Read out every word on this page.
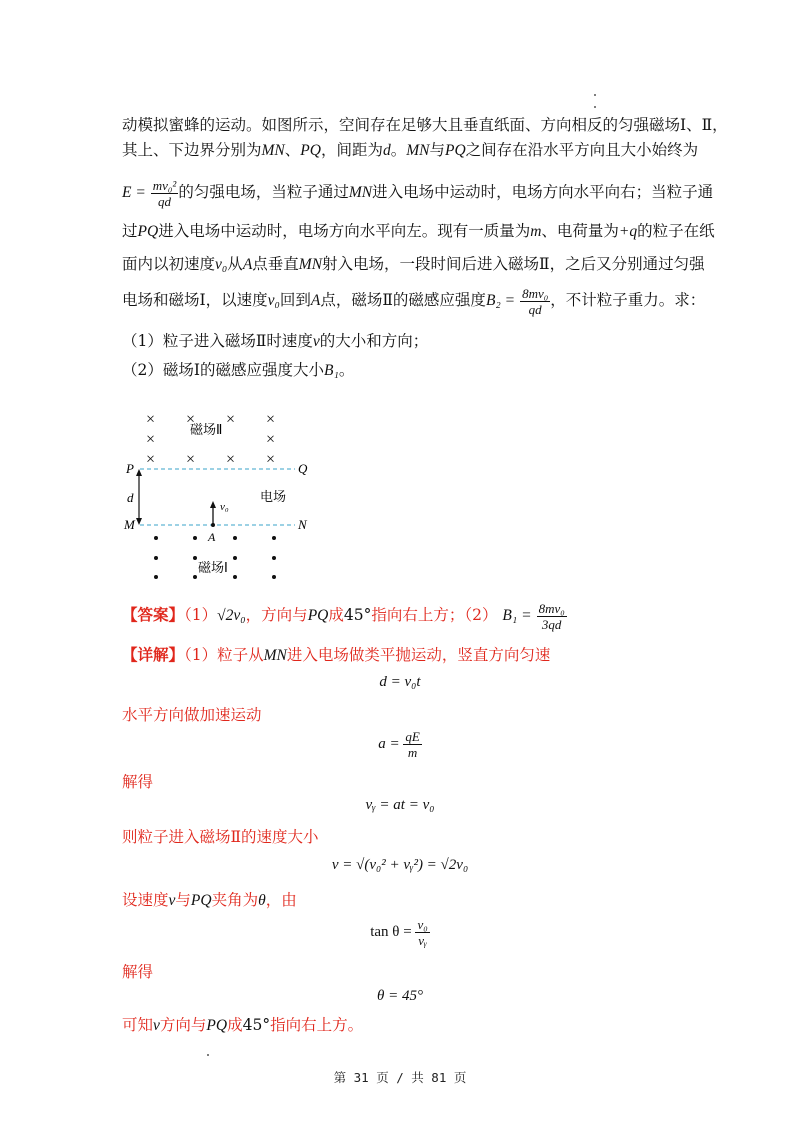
动模拟蜜蜂的运动。如图所示，空间存在足够大且垂直纸面、方向相反的匀强磁场Ⅰ、Ⅱ，
其上、下边界分别为MN、PQ，间距为d。MN与PQ之间存在沿水平方向且大小始终为
$E = \frac{\text{mv₀²}}{qd}$ 的匀强电场，当粒子通过MN进入电场中运动时，电场方向水平向右；当粒子通
过PQ进入电场中运动时，电场方向水平向左。现有一质量为m、电荷量为+q的粒子在纸
面内以初速度v₀从A点垂直MN射入电场，一段时间后进入磁场Ⅱ，之后又分别通过匀强
电场和磁场Ⅰ，以速度v₀回到A点，磁场Ⅱ的磁感应强度$B_2 = \frac{\text{8mv₀}}{qd}$ ，不计粒子重力。求：
（1）粒子进入磁场Ⅱ时速度v的大小和方向；
（2）磁场Ⅰ的磁感应强度大小B₁。
× × × ×
×	×
× × × ×
磁场Ⅱ
P	Q
M	N
d
v₀
A
电场
磁场Ⅰ
【答案】（1）√2v₀，方向与PQ成45°指向右上方；（2） $B_1 = \frac{\text{8mv₀}}{3qd}$
【详解】（1）粒子从MN进入电场做类平抛运动，竖直方向匀速
d = v₀t
水平方向做加速运动
$a = \frac{qE}{m}$
解得
vᵧ = at = v₀
则粒子进入磁场Ⅱ的速度大小
v = √(v₀² + vᵧ²) = √2v₀
设速度v与PQ夹角为θ，由
$\tan \theta = \frac{\text{v₀}}{\text{vᵧ}}$
解得
θ = 45°
可知v方向与PQ成45°指向右上方。
第 31 页 / 共 81 页
